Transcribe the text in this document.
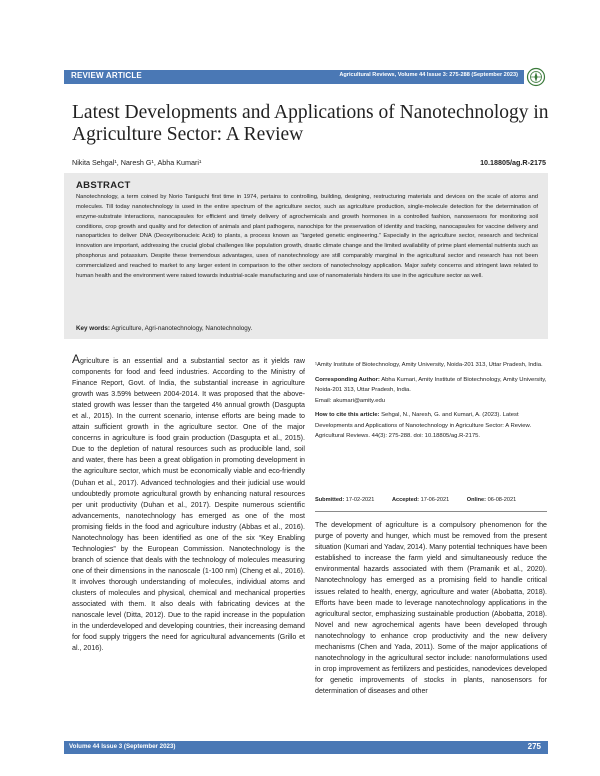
REVIEW ARTICLE	Agricultural Reviews, Volume 44 Issue 3: 275-288 (September 2023)
Latest Developments and Applications of Nanotechnology in Agriculture Sector: A Review
Nikita Sehgal¹, Naresh G¹, Abha Kumari¹	10.18805/ag.R-2175
ABSTRACT
Nanotechnology, a term coined by Norio Taniguchi first time in 1974, pertains to controlling, building, designing, restructuring materials and devices on the scale of atoms and molecules. Till today nanotechnology is used in the entire spectrum of the agriculture sector, such as agriculture production, single-molecule detection for the determination of enzyme-substrate interactions, nanocapsules for efficient and timely delivery of agrochemicals and growth hormones in a controlled fashion, nanosensors for monitoring soil conditions, crop growth and quality and for detection of animals and plant pathogens, nanochips for the preservation of identity and tracking, nanocapsules for vaccine delivery and nanoparticles to deliver DNA (Deoxyribonucleic Acid) to plants, a process known as “targeted genetic engineering.” Especially in the agriculture sector, research and technical innovation are important, addressing the crucial global challenges like population growth, drastic climate change and the limited availability of prime plant elemental nutrients such as phosphorus and potassium. Despite these tremendous advantages, uses of nanotechnology are still comparably marginal in the agricultural sector and research has not been commercialized and reached to market to any larger extent in comparison to the other sectors of nanotechnology application. Major safety concerns and stringent laws related to human health and the environment were raised towards industrial-scale manufacturing and use of nanomaterials hinders its use in the agriculture sector as well.
Key words: Agriculture, Agri-nanotechnology, Nanotechnology.
Agriculture is an essential and a substantial sector as it yields raw components for food and feed industries. According to the Ministry of Finance Report, Govt. of India, the substantial increase in agriculture growth was 3.59% between 2004-2014. It was proposed that the above-stated growth was lesser than the targeted 4% annual growth (Dasgupta et al., 2015). In the current scenario, intense efforts are being made to attain sufficient growth in the agriculture sector. One of the major concerns in agriculture is food grain production (Dasgupta et al., 2015). Due to the depletion of natural resources such as producible land, soil and water, there has been a great obligation in promoting development in the agriculture sector, which must be economically viable and eco-friendly (Duhan et al., 2017). Advanced technologies and their judicial use would undoubtedly promote agricultural growth by enhancing natural resources per unit productivity (Duhan et al., 2017). Despite numerous scientific advancements, nanotechnology has emerged as one of the most promising fields in the food and agriculture industry (Abbas et al., 2016). Nanotechnology has been identified as one of the six “Key Enabling Technologies” by the European Commission. Nanotechnology is the branch of science that deals with the technology of molecules measuring one of their dimensions in the nanoscale (1-100 nm) (Cheng et al., 2016). It involves thorough understanding of molecules, individual atoms and clusters of molecules and physical, chemical and mechanical properties associated with them. It also deals with fabricating devices at the nanoscale level (Ditta, 2012). Due to the rapid increase in the population in the underdeveloped and developing countries, their increasing demand for food supply triggers the need for agricultural advancements (Grillo et al., 2016).

¹Amity Institute of Biotechnology, Amity University, Noida-201 313, Uttar Pradesh, India.

Corresponding Author: Abha Kumari, Amity Institute of Biotechnology, Amity University, Noida-201 313, Uttar Pradesh, India.

Email: akumari@amity.edu

How to cite this article: Sehgal, N., Naresh, G. and Kumari, A. (2023). Latest Developments and Applications of Nanotechnology in Agriculture Sector: A Review. Agricultural Reviews. 44(3): 275-288. doi: 10.18805/ag.R-2175.

Submitted: 17-02-2021	Accepted: 17-06-2021	Online: 06-08-2021
The development of agriculture is a compulsory phenomenon for the purge of poverty and hunger, which must be removed from the present situation (Kumari and Yadav, 2014). Many potential techniques have been established to increase the farm yield and simultaneously reduce the environmental hazards associated with them (Pramanik et al., 2020). Nanotechnology has emerged as a promising field to handle critical issues related to health, energy, agriculture and water (Abobatta, 2018). Efforts have been made to leverage nanotechnology applications in the agricultural sector, emphasizing sustainable production (Abobatta, 2018). Novel and new agrochemical agents have been developed through nanotechnology to enhance crop productivity and the new delivery mechanisms (Chen and Yada, 2011). Some of the major applications of nanotechnology in the agricultural sector include: nanoformulations used in crop improvement as fertilizers and pesticides, nanodevices developed for genetic improvements of stocks in plants, nanosensors for determination of diseases and other
Volume 44 Issue 3 (September 2023)	275
